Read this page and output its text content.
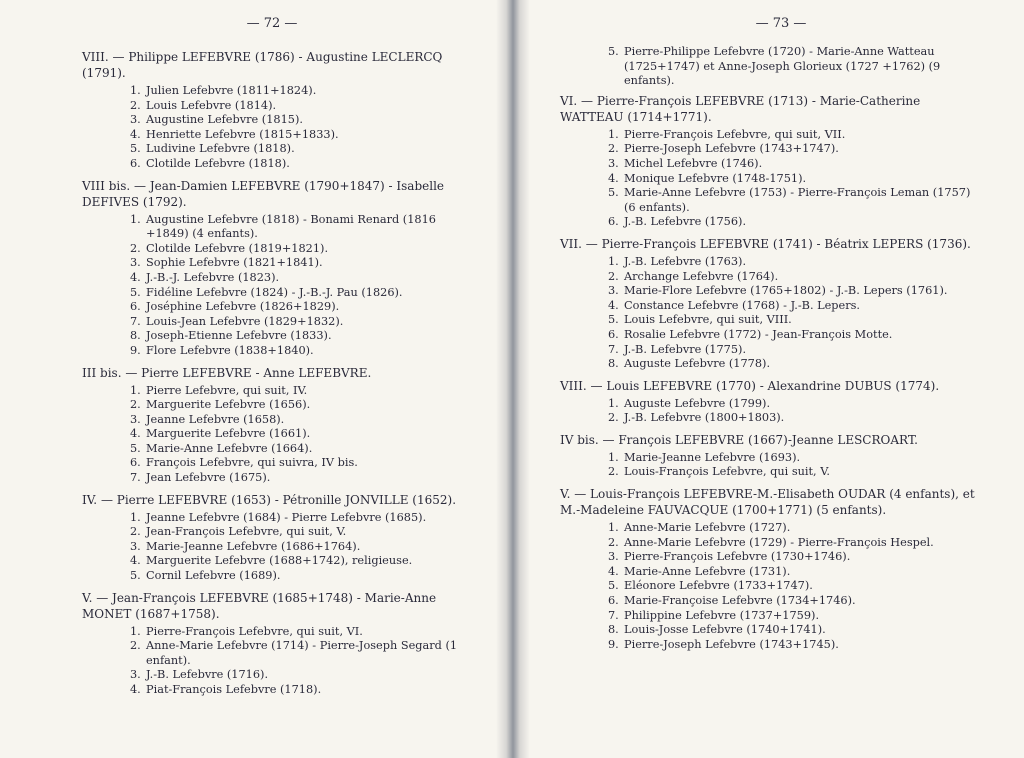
— 72 —

VIII. — Philippe LEFEBVRE (1786) - Augustine LECLERCQ (1791).

1. Julien Lefebvre (1811+1824).
2. Louis Lefebvre (1814).
3. Augustine Lefebvre (1815).
4. Henriette Lefebvre (1815+1833).
5. Ludivine Lefebvre (1818).
6. Clotilde Lefebvre (1818).

VIII bis. — Jean-Damien LEFEBVRE (1790+1847) - Isabelle DEFIVES (1792).

1. Augustine Lefebvre (1818) - Bonami Renard (1816 +1849) (4 enfants).
2. Clotilde Lefebvre (1819+1821).
3. Sophie Lefebvre (1821+1841).
4. J.-B.-J. Lefebvre (1823).
5. Fidéline Lefebvre (1824) - J.-B.-J. Pau (1826).
6. Joséphine Lefebvre (1826+1829).
7. Louis-Jean Lefebvre (1829+1832).
8. Joseph-Etienne Lefebvre (1833).
9. Flore Lefebvre (1838+1840).

III bis. — Pierre LEFEBVRE - Anne LEFEBVRE.

1. Pierre Lefebvre, qui suit, IV.
2. Marguerite Lefebvre (1656).
3. Jeanne Lefebvre (1658).
4. Marguerite Lefebvre (1661).
5. Marie-Anne Lefebvre (1664).
6. François Lefebvre, qui suivra, IV bis.
7. Jean Lefebvre (1675).

IV. — Pierre LEFEBVRE (1653) - Pétronille JONVILLE (1652).

1. Jeanne Lefebvre (1684) - Pierre Lefebvre (1685).
2. Jean-François Lefebvre, qui suit, V.
3. Marie-Jeanne Lefebvre (1686+1764).
4. Marguerite Lefebvre (1688+1742), religieuse.
5. Cornil Lefebvre (1689).

V. — Jean-François LEFEBVRE (1685+1748) - Marie-Anne MONET (1687+1758).

1. Pierre-François Lefebvre, qui suit, VI.
2. Anne-Marie Lefebvre (1714) - Pierre-Joseph Segard (1 enfant).
3. J.-B. Lefebvre (1716).
4. Piat-François Lefebvre (1718).
— 73 —
5. Pierre-Philippe Lefebvre (1720) - Marie-Anne Watteau (1725+1747) et Anne-Joseph Glorieux (1727 +1762) (9 enfants).

VI. — Pierre-François LEFEBVRE (1713) - Marie-Catherine WATTEAU (1714+1771).

1. Pierre-François Lefebvre, qui suit, VII.
2. Pierre-Joseph Lefebvre (1743+1747).
3. Michel Lefebvre (1746).
4. Monique Lefebvre (1748-1751).
5. Marie-Anne Lefebvre (1753) - Pierre-François Leman (1757) (6 enfants).
6. J.-B. Lefebvre (1756).

VII. — Pierre-François LEFEBVRE (1741) - Béatrix LEPERS (1736).

1. J.-B. Lefebvre (1763).
2. Archange Lefebvre (1764).
3. Marie-Flore Lefebvre (1765+1802) - J.-B. Lepers (1761).
4. Constance Lefebvre (1768) - J.-B. Lepers.
5. Louis Lefebvre, qui suit, VIII.
6. Rosalie Lefebvre (1772) - Jean-François Motte.
7. J.-B. Lefebvre (1775).
8. Auguste Lefebvre (1778).

VIII. — Louis LEFEBVRE (1770) - Alexandrine DUBUS (1774).

1. Auguste Lefebvre (1799).
2. J.-B. Lefebvre (1800+1803).

IV bis. — François LEFEBVRE (1667)-Jeanne LESCROART.

1. Marie-Jeanne Lefebvre (1693).
2. Louis-François Lefebvre, qui suit, V.

V. — Louis-François LEFEBVRE-M.-Elisabeth OUDAR (4 enfants), et M.-Madeleine FAUVACQUE (1700+1771) (5 enfants).

1. Anne-Marie Lefebvre (1727).
2. Anne-Marie Lefebvre (1729) - Pierre-François Hespel.
3. Pierre-François Lefebvre (1730+1746).
4. Marie-Anne Lefebvre (1731).
5. Eléonore Lefebvre (1733+1747).
6. Marie-Françoise Lefebvre (1734+1746).
7. Philippine Lefebvre (1737+1759).
8. Louis-Josse Lefebvre (1740+1741).
9. Pierre-Joseph Lefebvre (1743+1745).
